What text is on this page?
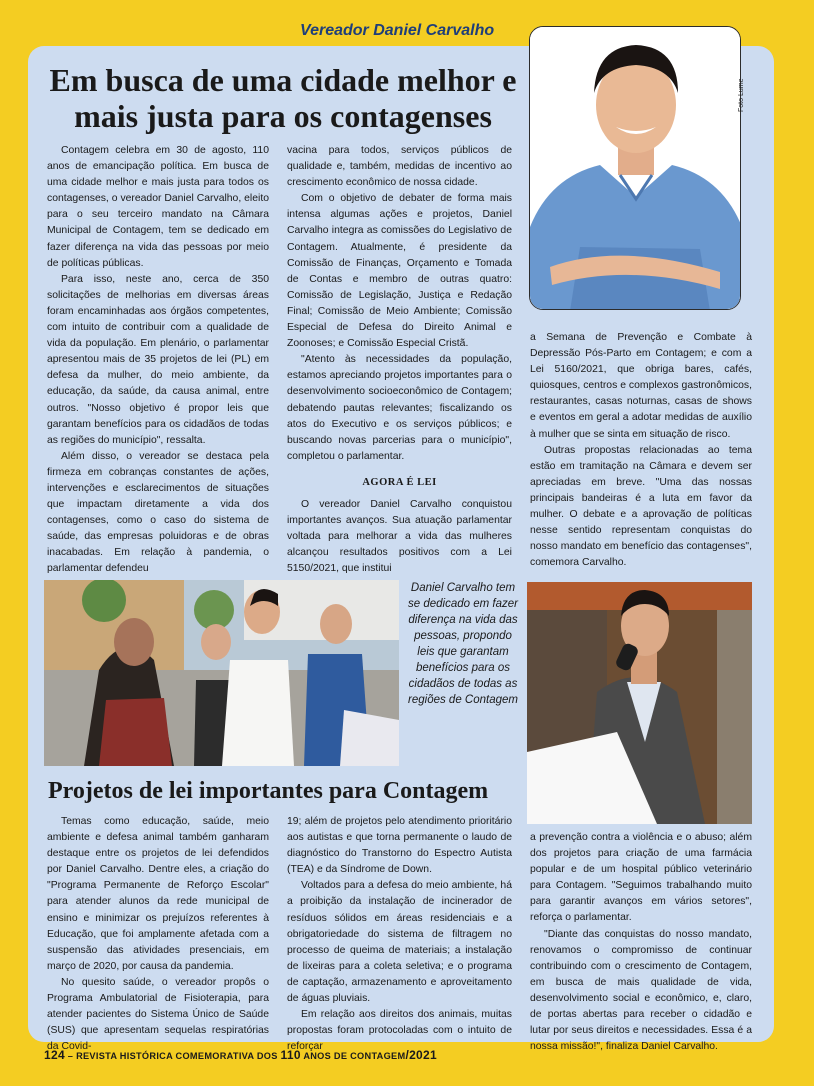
Vereador Daniel Carvalho
Em busca de uma cidade melhor e mais justa para os contagenses
Foto Lume

Contagem celebra em 30 de agosto, 110 anos de emancipação política. Em busca de uma cidade melhor e mais justa para todos os contagenses, o vereador Daniel Carvalho, eleito para o seu terceiro mandato na Câmara Municipal de Contagem, tem se dedicado em fazer diferença na vida das pessoas por meio de políticas públicas.

Para isso, neste ano, cerca de 350 solicitações de melhorias em diversas áreas foram encaminhadas aos órgãos competentes, com intuito de contribuir com a qualidade de vida da população. Em plenário, o parlamentar apresentou mais de 35 projetos de lei (PL) em defesa da mulher, do meio ambiente, da educação, da saúde, da causa animal, entre outros. "Nosso objetivo é propor leis que garantam benefícios para os cidadãos de todas as regiões do município", ressalta.

Além disso, o vereador se destaca pela firmeza em cobranças constantes de ações, intervenções e esclarecimentos de situações que impactam diretamente a vida dos contagenses, como o caso do sistema de saúde, das empresas poluidoras e de obras inacabadas. Em relação à pandemia, o parlamentar defendeu

vacina para todos, serviços públicos de qualidade e, também, medidas de incentivo ao crescimento econômico de nossa cidade.

Com o objetivo de debater de forma mais intensa algumas ações e projetos, Daniel Carvalho integra as comissões do Legislativo de Contagem. Atualmente, é presidente da Comissão de Finanças, Orçamento e Tomada de Contas e membro de outras quatro: Comissão de Legislação, Justiça e Redação Final; Comissão de Meio Ambiente; Comissão Especial de Defesa do Direito Animal e Zoonoses; e Comissão Especial Cristã.

"Atento às necessidades da população, estamos apreciando projetos importantes para o desenvolvimento socioeconômico de Contagem; debatendo pautas relevantes; fiscalizando os atos do Executivo e os serviços públicos; e buscando novas parcerias para o município", completou o parlamentar.

AGORA É LEI

O vereador Daniel Carvalho conquistou importantes avanços. Sua atuação parlamentar voltada para melhorar a vida das mulheres alcançou resultados positivos com a Lei 5150/2021, que institui

a Semana de Prevenção e Combate à Depressão Pós-Parto em Contagem; e com a Lei 5160/2021, que obriga bares, cafés, quiosques, centros e complexos gastronômicos, restaurantes, casas noturnas, casas de shows e eventos em geral a adotar medidas de auxílio à mulher que se sinta em situação de risco.

Outras propostas relacionadas ao tema estão em tramitação na Câmara e devem ser apreciadas em breve. "Uma das nossas principais bandeiras é a luta em favor da mulher. O debate e a aprovação de políticas nesse sentido representam conquistas do nosso mandato em benefício das contagenses", comemora Carvalho.

Daniel Carvalho tem se dedicado em fazer diferença na vida das pessoas, propondo leis que garantam benefícios para os cidadãos de todas as regiões de Contagem
Projetos de lei importantes para Contagem

Temas como educação, saúde, meio ambiente e defesa animal também ganharam destaque entre os projetos de lei defendidos por Daniel Carvalho. Dentre eles, a criação do "Programa Permanente de Reforço Escolar" para atender alunos da rede municipal de ensino e minimizar os prejuízos referentes à Educação, que foi amplamente afetada com a suspensão das atividades presenciais, em março de 2020, por causa da pandemia.

No quesito saúde, o vereador propôs o Programa Ambulatorial de Fisioterapia, para atender pacientes do Sistema Único de Saúde (SUS) que apresentam sequelas respiratórias da Covid-

19; além de projetos pelo atendimento prioritário aos autistas e que torna permanente o laudo de diagnóstico do Transtorno do Espectro Autista (TEA) e da Síndrome de Down.

Voltados para a defesa do meio ambiente, há a proibição da instalação de incinerador de resíduos sólidos em áreas residenciais e a obrigatoriedade do sistema de filtragem no processo de queima de materiais; a instalação de lixeiras para a coleta seletiva; e o programa de captação, armazenamento e aproveitamento de águas pluviais.

Em relação aos direitos dos animais, muitas propostas foram protocoladas com o intuito de reforçar

a prevenção contra a violência e o abuso; além dos projetos para criação de uma farmácia popular e de um hospital público veterinário para Contagem. "Seguimos trabalhando muito para garantir avanços em vários setores", reforça o parlamentar.

"Diante das conquistas do nosso mandato, renovamos o compromisso de continuar contribuindo com o crescimento de Contagem, em busca de mais qualidade de vida, desenvolvimento social e econômico, e, claro, de portas abertas para receber o cidadão e lutar por seus direitos e necessidades. Essa é a nossa missão!", finaliza Daniel Carvalho.

124 – REVISTA HISTÓRICA COMEMORATIVA DOS 110 ANOS DE CONTAGEM/2021
